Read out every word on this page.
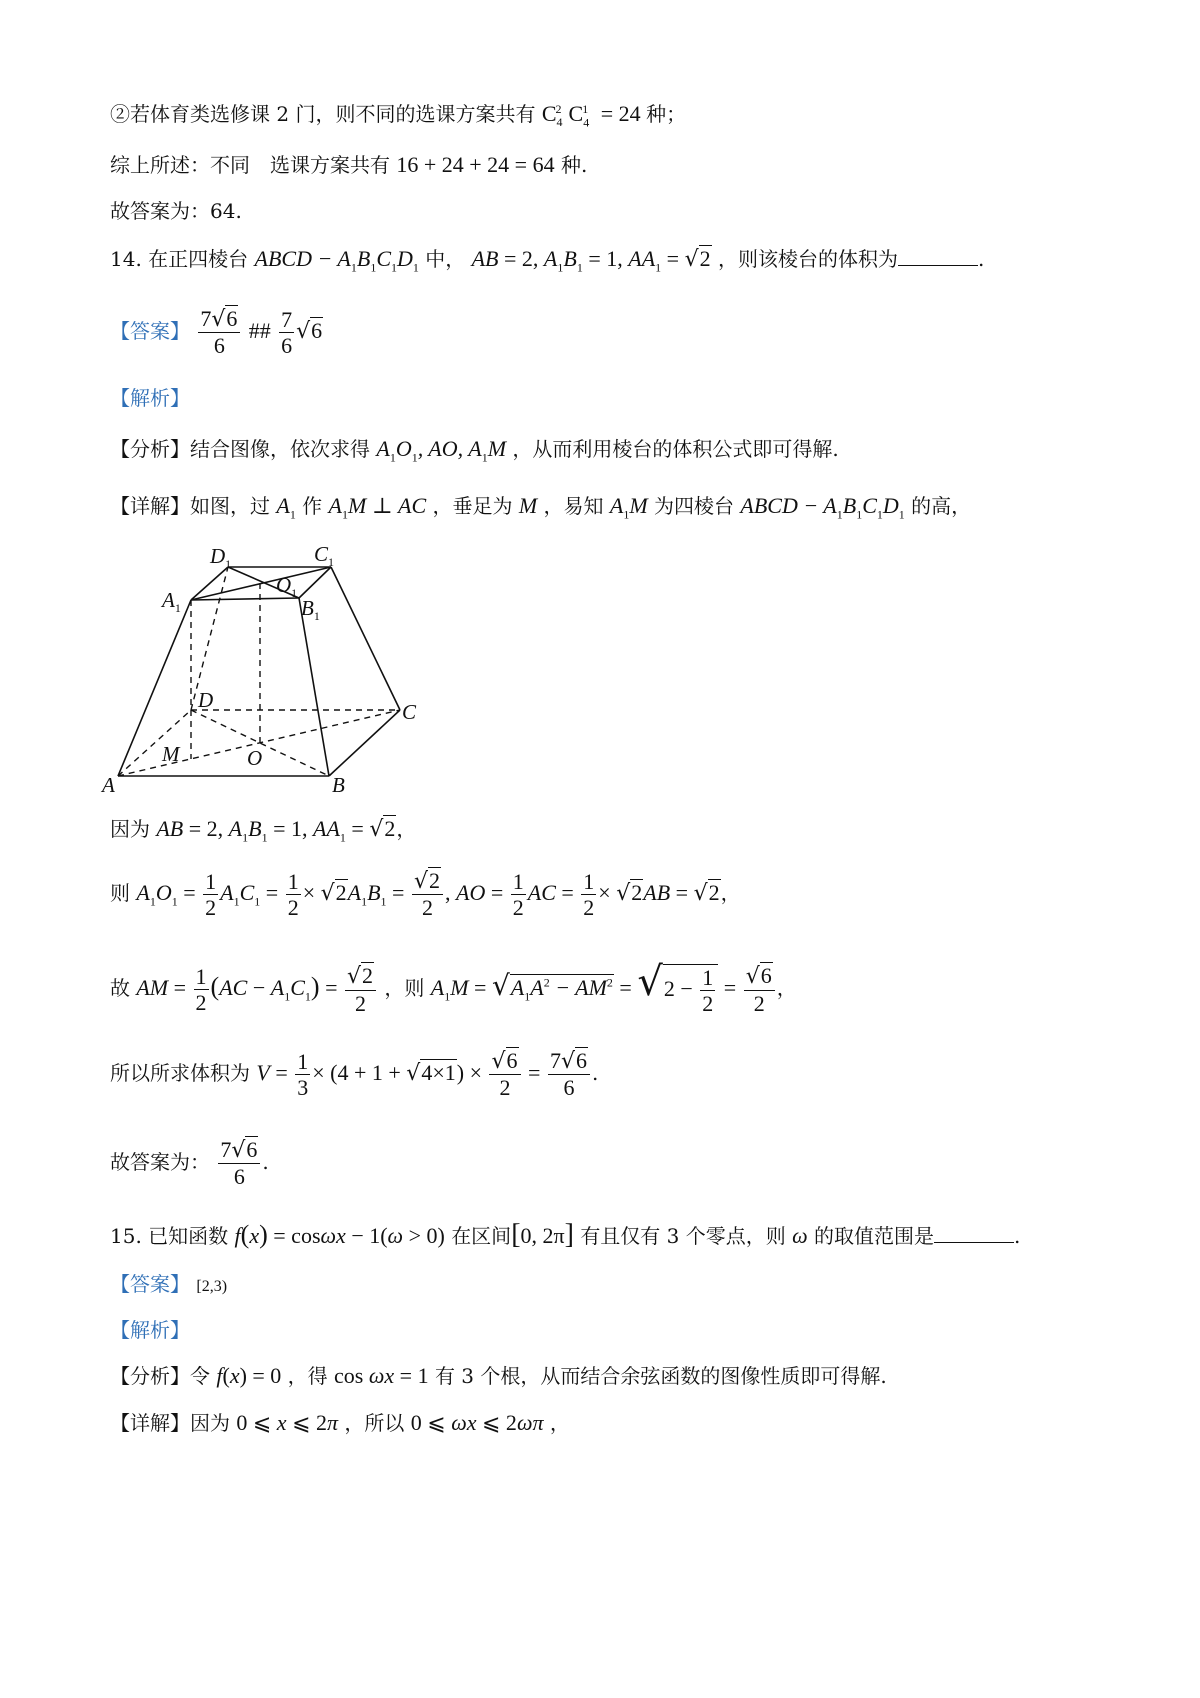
②若体育类选修课 2 门，则不同的选课方案共有 $C_4^2$ $C_4^1 = 24$ 种；
综上所述：不同　选课方案共有 16 + 24 + 24 = 64 种.
故答案为：64.
14. 在正四棱台 ABCD − $A_1B_1C_1D_1$ 中， AB = 2, $A_1B_1 = 1$, $AA_1 = √2$ ，则该棱台的体积为	.
【答案】 $\frac{7√6}{6}$ ## $\frac{7}{6} √6$
【解析】
【分析】结合图像，依次求得 $A_1O_1$, AO, $A_1M$ ，从而利用棱台的体积公式即可得解.
【详解】如图，过 $A_1$ 作 $A_1M$ ⊥ AC ，垂足为 M ，易知 $A_1M$ 为四棱台 ABCD − $A_1B_1C_1D_1$ 的高，
$D_1$	$C_1$
$O_1$
$A_1$	$B_1$
D	C
M	O
A	B
因为 AB = 2, $A_1B_1 = 1$, $AA_1 = √2$，
则 $A_1O_1 = \frac{1}{2} A_1C_1 = \frac{1}{2} \times √2A_1B_1 = \frac{√2}{2}$ , AO = $\frac{1}{2}$ AC = $\frac{1}{2} \times √2AB = √2$，
故 AM = $\frac{1}{2} (AC - A_1C_1) = \frac{√2}{2}$ ，则 $A_1M = √A_1A^2 - AM^2 = √2 - \frac{1}{2} = \frac{√6}{2}$ ，
所以所求体积为 $V = \frac{1}{3} \times (4 + 1 + √4\times 1) \times \frac{√6}{2} = \frac{7√6}{6}$ .
故答案为： $\frac{7√6}{6}$ .
15. 已知函数 f(x) = cosωx − 1(ω > 0) 在区间[0, 2π] 有且仅有 3 个零点，则 ω 的取值范围是	.
【答案】 [2,3)
【解析】
【分析】令 f(x) = 0 ，得 cos ωx = 1 有 3 个根，从而结合余弦函数的图像性质即可得解.
【详解】因为 0 ⩽ x ⩽ 2π ，所以 0 ⩽ ωx ⩽ 2ωπ ，
